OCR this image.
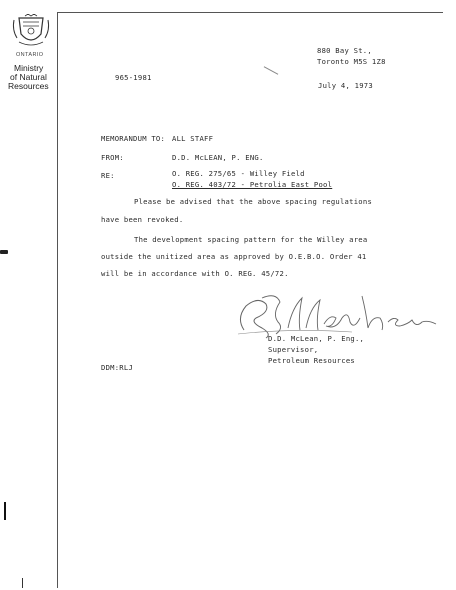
ONTARIO
Ministry
of Natural
Resources
880 Bay St.,
Toronto M5S 1Z8
965-1981
July 4, 1973
MEMORANDUM TO: ALL STAFF
FROM:	D.D. McLEAN, P. ENG.
RE:	O. REG. 275/65 - Willey Field
O. REG. 403/72 - Petrolia East Pool
Please be advised that the above spacing regulations
have been revoked.
The development spacing pattern for the Willey area
outside the unitized area as approved by O.E.B.O. Order 41
will be in accordance with O. REG. 45/72.
D.D. McLean, P. Eng.,
Supervisor,
Petroleum Resources
DDM:RLJ
